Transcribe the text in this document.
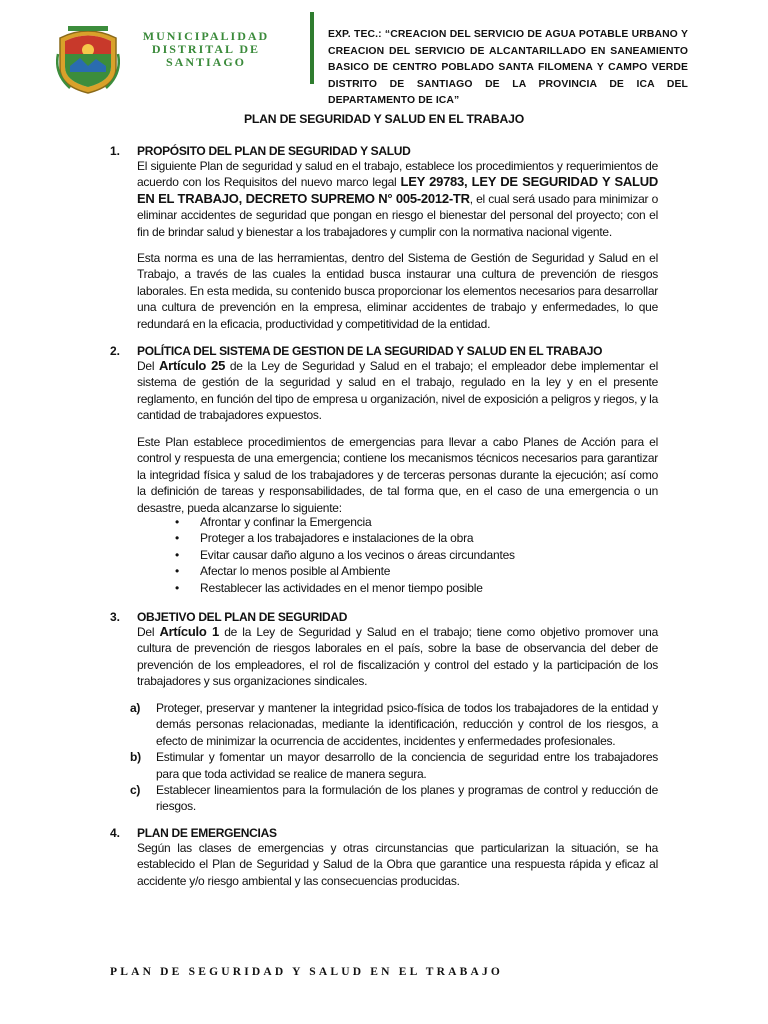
MUNICIPALIDAD
DISTRITAL DE
SANTIAGO
EXP. TEC.: “CREACION DEL SERVICIO DE AGUA POTABLE URBANO Y CREACION DEL SERVICIO DE ALCANTARILLADO EN SANEAMIENTO BASICO DE CENTRO POBLADO SANTA FILOMENA Y CAMPO VERDE DISTRITO DE SANTIAGO DE LA PROVINCIA DE ICA DEL DEPARTAMENTO DE ICA”
PLAN DE SEGURIDAD Y SALUD EN EL TRABAJO
1. PROPÓSITO DEL PLAN DE SEGURIDAD Y SALUD
El siguiente Plan de seguridad y salud en el trabajo, establece los procedimientos y requerimientos de acuerdo con los Requisitos del nuevo marco legal LEY 29783, LEY DE SEGURIDAD Y SALUD EN EL TRABAJO, DECRETO SUPREMO N° 005-2012-TR, el cual será usado para minimizar o eliminar accidentes de seguridad que pongan en riesgo el bienestar del personal del proyecto; con el fin de brindar salud y bienestar a los trabajadores y cumplir con la normativa nacional vigente.
Esta norma es una de las herramientas, dentro del Sistema de Gestión de Seguridad y Salud en el Trabajo, a través de las cuales la entidad busca instaurar una cultura de prevención de riesgos laborales. En esta medida, su contenido busca proporcionar los elementos necesarios para desarrollar una cultura de prevención en la empresa, eliminar accidentes de trabajo y enfermedades, lo que redundará en la eficacia, productividad y competitividad de la entidad.
2. POLÍTICA DEL SISTEMA DE GESTION DE LA SEGURIDAD Y SALUD EN EL TRABAJO
Del Artículo 25 de la Ley de Seguridad y Salud en el trabajo; el empleador debe implementar el sistema de gestión de la seguridad y salud en el trabajo, regulado en la ley y en el presente reglamento, en función del tipo de empresa u organización, nivel de exposición a peligros y riegos, y la cantidad de trabajadores expuestos.
Este Plan establece procedimientos de emergencias para llevar a cabo Planes de Acción para el control y respuesta de una emergencia; contiene los mecanismos técnicos necesarios para garantizar la integridad física y salud de los trabajadores y de terceras personas durante la ejecución; así como la definición de tareas y responsabilidades, de tal forma que, en el caso de una emergencia o un desastre, pueda alcanzarse lo siguiente:
• Afrontar y confinar la Emergencia
• Proteger a los trabajadores e instalaciones de la obra
• Evitar causar daño alguno a los vecinos o áreas circundantes
• Afectar lo menos posible al Ambiente
• Restablecer las actividades en el menor tiempo posible
3. OBJETIVO DEL PLAN DE SEGURIDAD
Del Artículo 1 de la Ley de Seguridad y Salud en el trabajo; tiene como objetivo promover una cultura de prevención de riesgos laborales en el país, sobre la base de observancia del deber de prevención de los empleadores, el rol de fiscalización y control del estado y la participación de los trabajadores y sus organizaciones sindicales.
a) Proteger, preservar y mantener la integridad psico-física de todos los trabajadores de la entidad y demás personas relacionadas, mediante la identificación, reducción y control de los riesgos, a efecto de minimizar la ocurrencia de accidentes, incidentes y enfermedades profesionales.
b) Estimular y fomentar un mayor desarrollo de la conciencia de seguridad entre los trabajadores para que toda actividad se realice de manera segura.
c) Establecer lineamientos para la formulación de los planes y programas de control y reducción de riesgos.
4. PLAN DE EMERGENCIAS
Según las clases de emergencias y otras circunstancias que particularizan la situación, se ha establecido el Plan de Seguridad y Salud de la Obra que garantice una respuesta rápida y eficaz al accidente y/o riesgo ambiental y las consecuencias producidas.
PLAN DE SEGURIDAD Y SALUD EN EL TRABAJO
